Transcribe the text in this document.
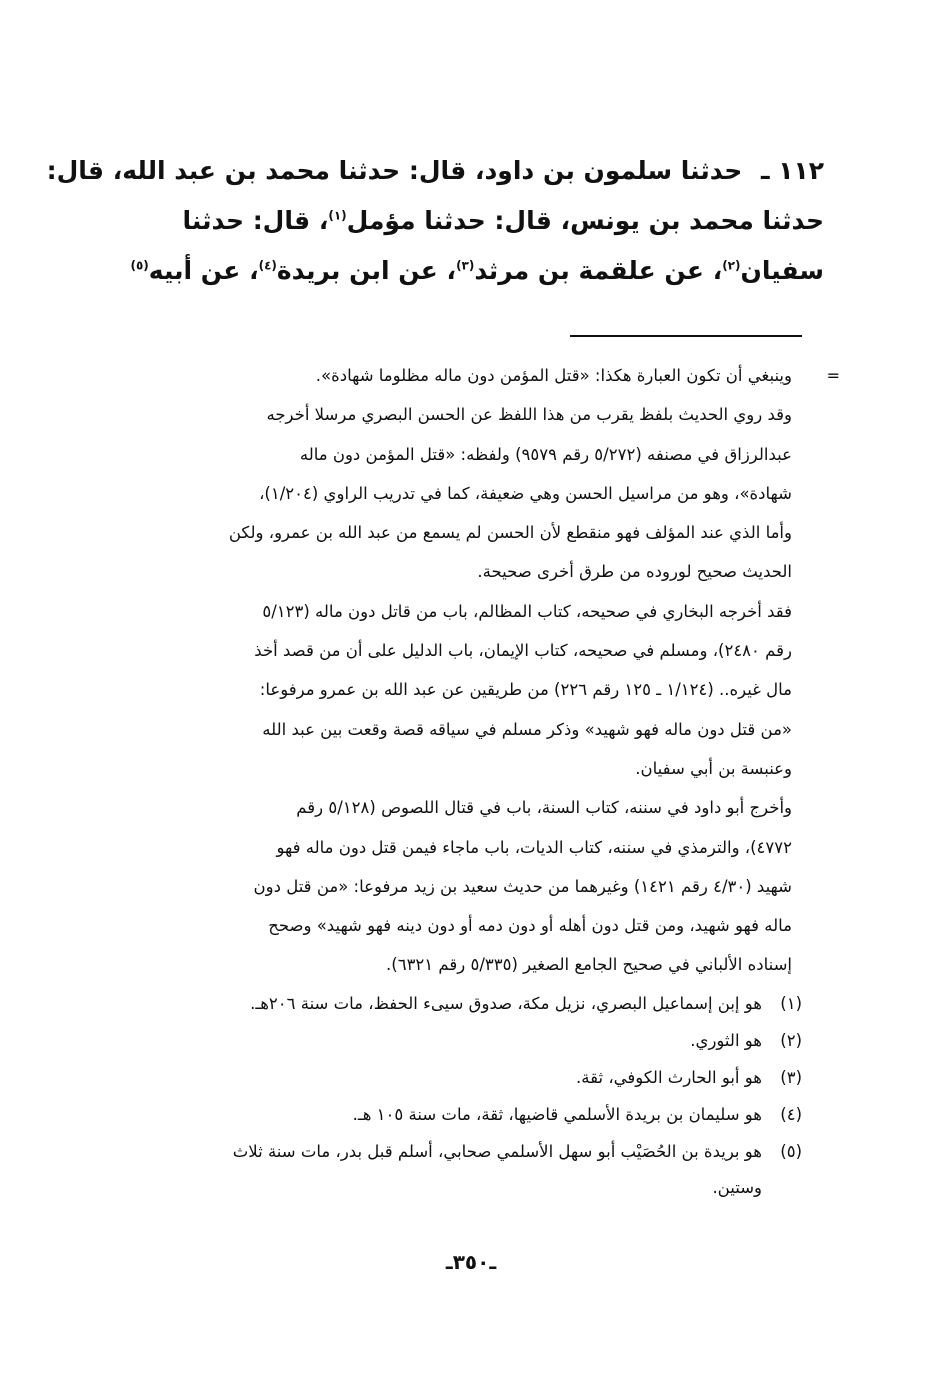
١١٢ ـ حدثنا سلمون بن داود، قال: حدثنا محمد بن عبد الله، قال:
حدثنا محمد بن يونس، قال: حدثنا مؤمل$^{(١)}$، قال: حدثنا
سفيان$^{(٢)}$، عن علقمة بن مرثد$^{(٣)}$، عن ابن بريدة$^{(٤)}$، عن أبيه$^{(٥)}$
=
وينبغي أن تكون العبارة هكذا: «قتل المؤمن دون ماله مظلوما شهادة».
وقد روي الحديث بلفظ يقرب من هذا اللفظ عن الحسن البصري مرسلا أخرجه
عبدالرزاق في مصنفه (٥/٢٧٢ رقم ٩٥٧٩) ولفظه: «قتل المؤمن دون ماله
شهادة»، وهو من مراسيل الحسن وهي ضعيفة، كما في تدريب الراوي (١/٢٠٤)،
وأما الذي عند المؤلف فهو منقطع لأن الحسن لم يسمع من عبد الله بن عمرو، ولكن
الحديث صحيح لوروده من طرق أخرى صحيحة.
فقد أخرجه البخاري في صحيحه، كتاب المظالم، باب من قاتل دون ماله (٥/١٢٣
رقم ٢٤٨٠)، ومسلم في صحيحه، كتاب الإيمان، باب الدليل على أن من قصد أخذ
مال غيره.. (١/١٢٤ ـ ١٢٥ رقم ٢٢٦) من طريقين عن عبد الله بن عمرو مرفوعا:
«من قتل دون ماله فهو شهيد» وذكر مسلم في سياقه قصة وقعت بين عبد الله
وعنبسة بن أبي سفيان.
وأخرج أبو داود في سننه، كتاب السنة، باب في قتال اللصوص (٥/١٢٨ رقم
٤٧٧٢)، والترمذي في سننه، كتاب الديات، باب ماجاء فيمن قتل دون ماله فهو
شهيد (٤/٣٠ رقم ١٤٢١) وغيرهما من حديث سعيد بن زيد مرفوعا: «من قتل دون
ماله فهو شهيد، ومن قتل دون أهله أو دون دمه أو دون دينه فهو شهيد» وصحح
إسناده الألباني في صحيح الجامع الصغير (٥/٣٣٥ رقم ٦٣٢١).
(١)
هو إبن إسماعيل البصري، نزيل مكة، صدوق سيىء الحفظ، مات سنة ٢٠٦هـ.
(٢)
هو الثوري.
(٣)
هو أبو الحارث الكوفي، ثقة.
(٤)
هو سليمان بن بريدة الأسلمي قاضيها، ثقة، مات سنة ١٠٥ هـ.
(٥)
هو بريدة بن الحُصَيْب أبو سهل الأسلمي صحابي، أسلم قبل بدر، مات سنة ثلاث
وستين.
ـ٣٥٠ـ
